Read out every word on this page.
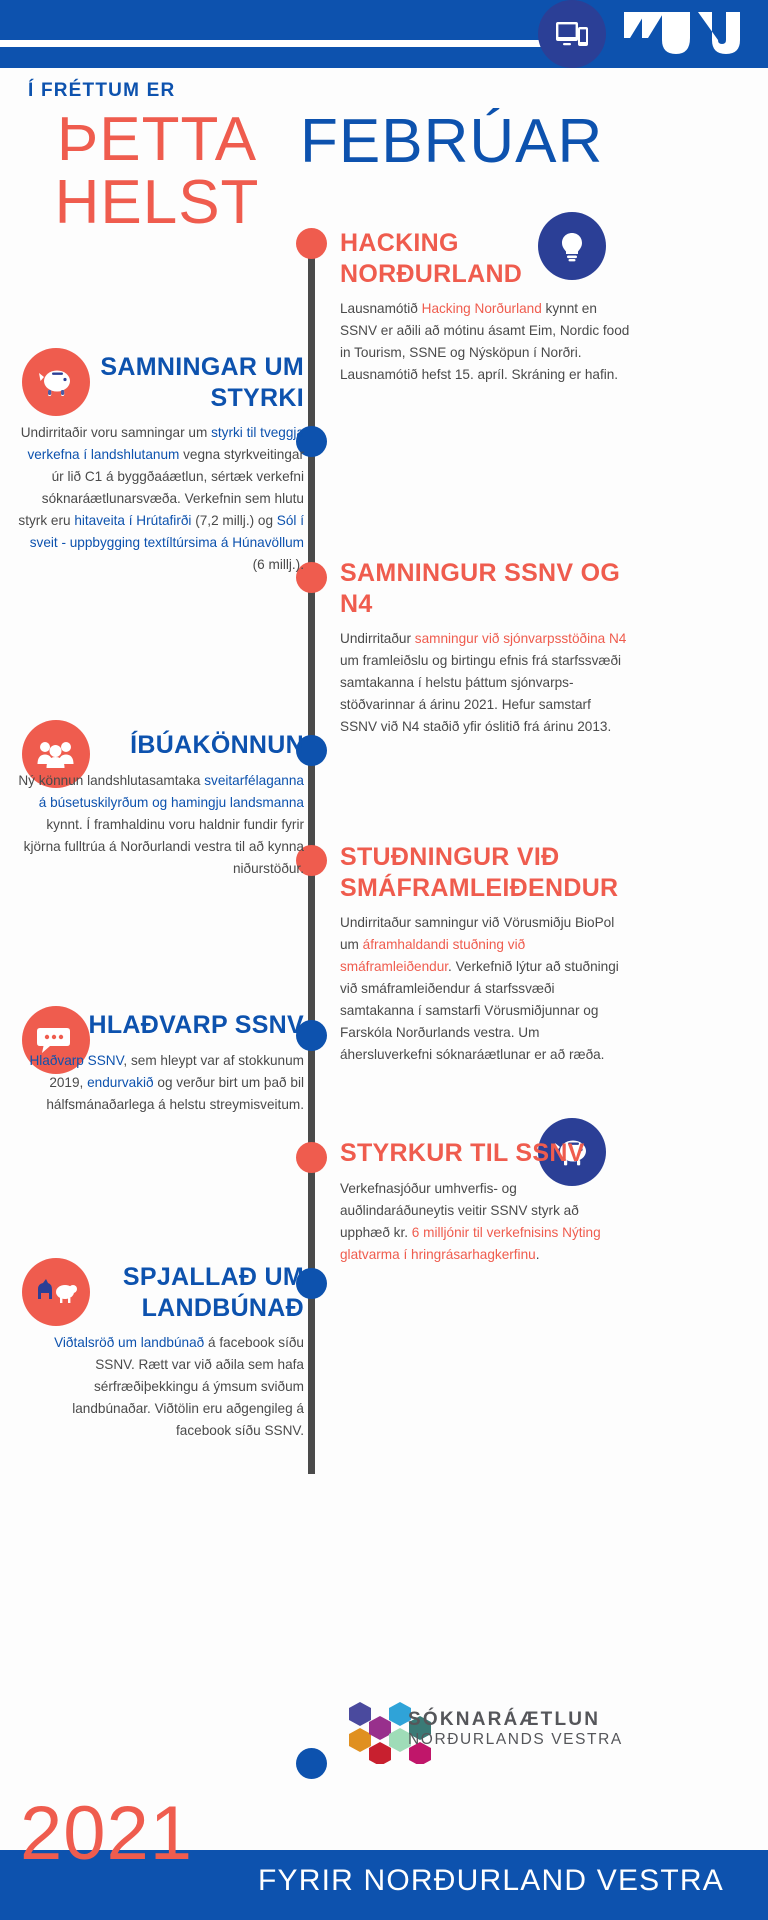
Í FRÉTTUM ER
ÞETTA
HELST
FEBRÚAR
HACKING NORÐURLAND
Lausnamótið Hacking Norðurland kynnt en SSNV er aðili að mótinu ásamt Eim, Nordic food in Tourism, SSNE og Nýsköpun í Norðri. Lausnamótið hefst 15. apríl. Skráning er hafin.
SAMNINGAR UM STYRKI
Undirritaðir voru samningar um styrki til tveggja verkefna í landshlutanum vegna styrkveitingar úr lið C1 á byggðaáætlun, sértæk verkefni sóknaráætlunarsvæða. Verkefnin sem hlutu styrk eru hitaveita í Hrútafirði (7,2 millj.) og Sól í sveit - uppbygging textíltúrsima á Húnavöllum (6 millj.). SAMNINGUR SSNV OG N4
Undirritaður samningur við sjónvarpsstöðina N4 um framleiðslu og birtingu efnis frá starfssvæði samtakanna í helstu þáttum sjónvarps-stöðvarinnar á árinu 2021. Hefur samstarf SSNV við N4 staðið yfir óslitið frá árinu 2013.
ÍBÚAKÖNNUN
Ný könnun landshlutasamtaka sveitarfélaganna á búsetuskilyrðum og hamingju landsmanna kynnt. Í framhaldinu voru haldnir fundir fyrir kjörna fulltrúa á Norðurlandi vestra til að kynna niðurstöður. STUÐNINGUR VIÐ SMÁFRAMLEIÐENDUR
Undirritaður samningur við Vörusmiðju BioPol um áframhaldandi stuðning við smáframleiðendur. Verkefnið lýtur að stuðningi við smáframleiðendur á starfssvæði samtakanna í samstarfi Vörusmiðjunnar og Farskóla Norðurlands vestra. Um áhersluverkefni sóknaráætlunar er að ræða.
HLAÐVARP SSNV
Hlaðvarp SSNV, sem hleypt var af stokkunum 2019, endurvakið og verður birt um það bil hálfsmánaðarlega á helstu streymisveitum.
STYRKUR TIL SSNV
Verkefnasjóður umhverfis- og auðlindaráðuneytis veitir SSNV styrk að upphæð kr. 6 milljónir til verkefnisins Nýting glatvarma í hringrásarhagkerfinu.
SPJALLAÐ UM LANDBÚNAÐ
Viðtalsröð um landbúnað á facebook síðu SSNV. Rætt var við aðila sem hafa sérfræðiþekkingu á ýmsum sviðum landbúnaðar. Viðtölin eru aðgengileg á facebook síðu SSNV.
SÓKNARÁÆTLUN
NORÐURLANDS VESTRA
2021
FYRIR NORÐURLAND VESTRA
